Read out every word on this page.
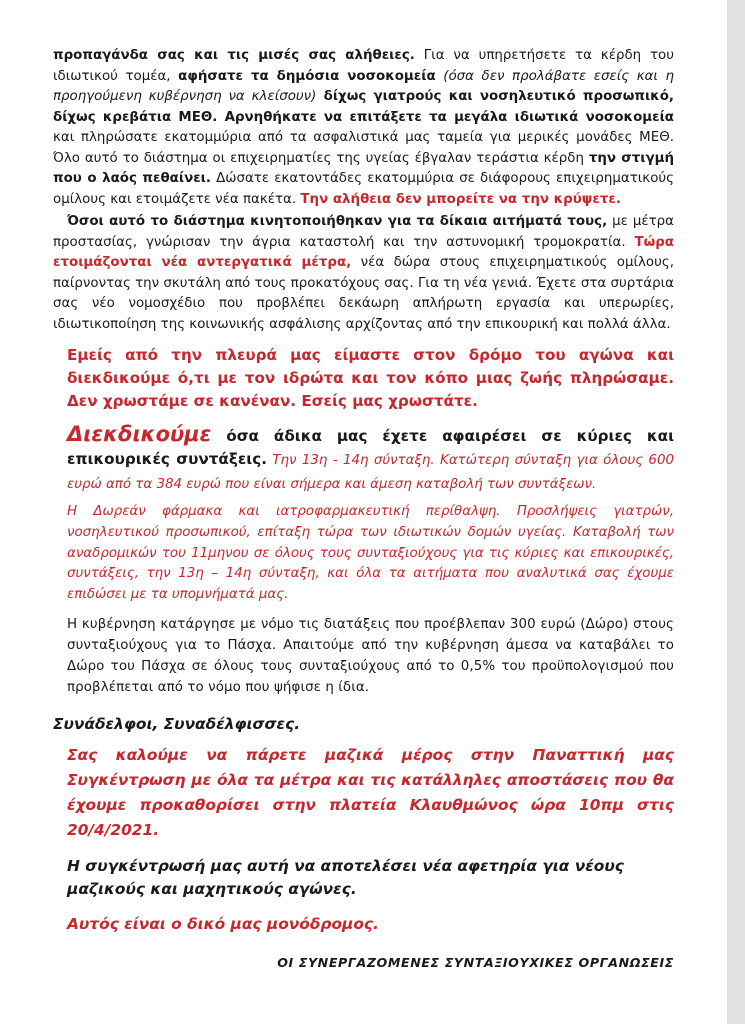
προπαγάνδα σας και τις μισές σας αλήθειες. Για να υπηρετήσετε τα κέρδη του ιδιωτικού τομέα, αφήσατε τα δημόσια νοσοκομεία (όσα δεν προλάβατε εσείς και η προηγούμενη κυβέρνηση να κλείσουν) δίχως γιατρούς και νοσηλευτικό προσωπικό, δίχως κρεβάτια ΜΕΘ. Αρνηθήκατε να επιτάξετε τα μεγάλα ιδιωτικά νοσοκομεία και πληρώσατε εκατομμύρια από τα ασφαλιστικά μας ταμεία για μερικές μονάδες ΜΕΘ. Όλο αυτό το διάστημα οι επιχειρηματίες της υγείας έβγαλαν τεράστια κέρδη την στιγμή που ο λαός πεθαίνει. Δώσατε εκατοντάδες εκατομμύρια σε διάφορους επιχειρηματικούς ομίλους και ετοιμάζετε νέα πακέτα. Την αλήθεια δεν μπορείτε να την κρύψετε.

Όσοι αυτό το διάστημα κινητοποιήθηκαν για τα δίκαια αιτήματά τους, με μέτρα προστασίας, γνώρισαν την άγρια καταστολή και την αστυνομική τρομοκρατία. Τώρα ετοιμάζονται νέα αντεργατικά μέτρα, νέα δώρα στους επιχειρηματικούς ομίλους, παίρνοντας την σκυτάλη από τους προκατόχους σας. Για τη νέα γενιά. Έχετε στα συρτάρια σας νέο νομοσχέδιο που προβλέπει δεκάωρη απλήρωτη εργασία και υπερωρίες, ιδιωτικοποίηση της κοινωνικής ασφάλισης αρχίζοντας από την επικουρική και πολλά άλλα.

Εμείς από την πλευρά μας είμαστε στον δρόμο του αγώνα και διεκδικούμε ό,τι με τον ιδρώτα και τον κόπο μιας ζωής πληρώσαμε. Δεν χρωστάμε σε κανέναν. Εσείς μας χρωστάτε.

Διεκδικούμε όσα άδικα μας έχετε αφαιρέσει σε κύριες και επικουρικές συντάξεις. Την 13η - 14η σύνταξη. Κατώτερη σύνταξη για όλους 600 ευρώ από τα 384 ευρώ που είναι σήμερα και άμεση καταβολή των συντάξεων.

Η Δωρεάν φάρμακα και ιατροφαρμακευτική περίθαλψη. Προσλήψεις γιατρών, νοσηλευτικού προσωπικού, επίταξη τώρα των ιδιωτικών δομών υγείας. Καταβολή των αναδρομικών του 11μηνου σε όλους τους συνταξιούχους για τις κύριες και επικουρικές, συντάξεις, την 13η – 14η σύνταξη, και όλα τα αιτήματα που αναλυτικά σας έχουμε επιδώσει με τα υπομνήματά μας.

Η κυβέρνηση κατάργησε με νόμο τις διατάξεις που προέβλεπαν 300 ευρώ (Δώρο) στους συνταξιούχους για το Πάσχα. Απαιτούμε από την κυβέρνηση άμεσα να καταβάλει το Δώρο του Πάσχα σε όλους τους συνταξιούχους από το 0,5% του προϋπολογισμού που προβλέπεται από το νόμο που ψήφισε η ίδια.

Συνάδελφοι, Συναδέλφισσες.

Σας καλούμε να πάρετε μαζικά μέρος στην Παναττική μας Συγκέντρωση με όλα τα μέτρα και τις κατάλληλες αποστάσεις που θα έχουμε προκαθορίσει στην πλατεία Κλαυθμώνος ώρα 10πμ στις 20/4/2021.

Η συγκέντρωσή μας αυτή να αποτελέσει νέα αφετηρία για νέους μαζικούς και μαχητικούς αγώνες.

Αυτός είναι ο δικό μας μονόδρομος.

ΟΙ ΣΥΝΕΡΓΑΖΟΜΕΝΕΣ ΣΥΝΤΑΞΙΟΥΧΙΚΕΣ ΟΡΓΑΝΩΣΕΙΣ
